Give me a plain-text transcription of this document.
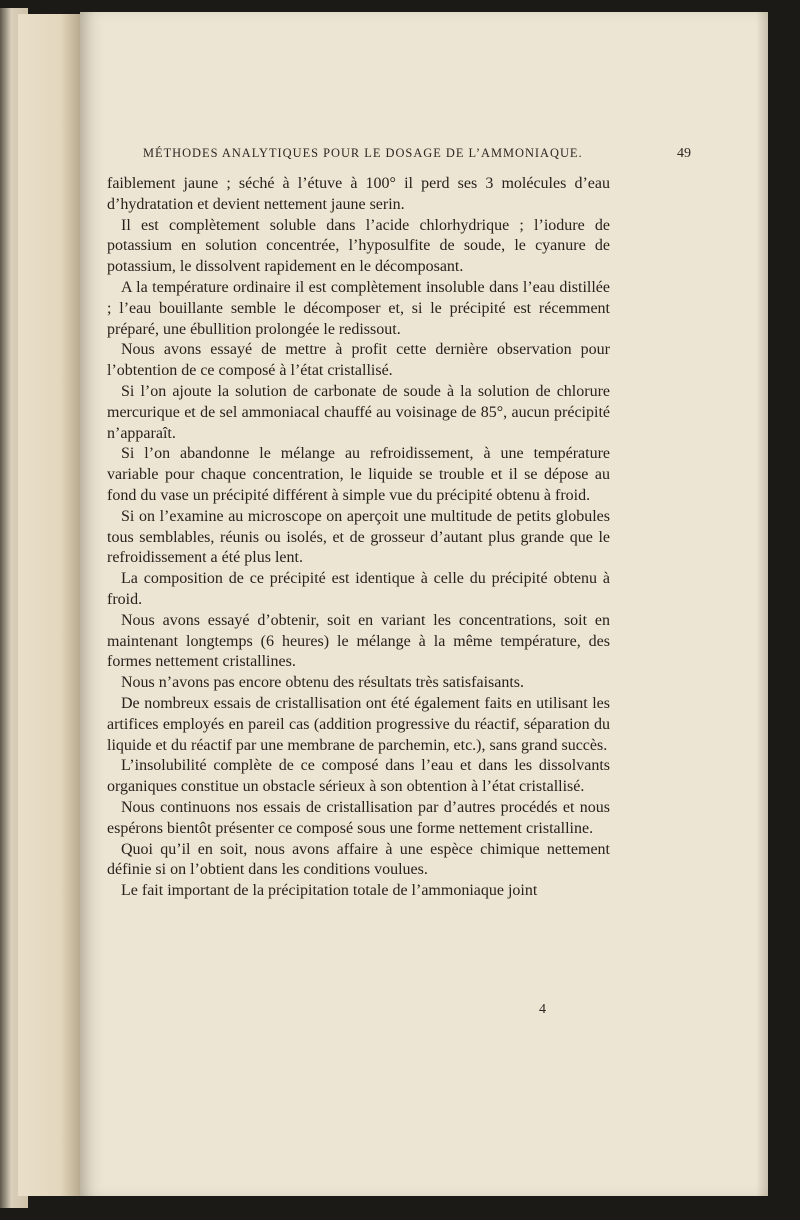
MÉTHODES ANALYTIQUES POUR LE DOSAGE DE L’AMMONIAQUE.	49

faiblement jaune ; séché à l’étuve à 100° il perd ses 3 molécules d’eau d’hydratation et devient nettement jaune serin.

Il est complètement soluble dans l’acide chlorhydrique ; l’iodure de potassium en solution concentrée, l’hyposulfite de soude, le cyanure de potassium, le dissolvent rapidement en le décomposant.

A la température ordinaire il est complètement insoluble dans l’eau distillée ; l’eau bouillante semble le décomposer et, si le précipité est récemment préparé, une ébullition prolongée le redissout.

Nous avons essayé de mettre à profit cette dernière observation pour l’obtention de ce composé à l’état cristallisé.

Si l’on ajoute la solution de carbonate de soude à la solution de chlorure mercurique et de sel ammoniacal chauffé au voisinage de 85°, aucun précipité n’apparaît.

Si l’on abandonne le mélange au refroidissement, à une température variable pour chaque concentration, le liquide se trouble et il se dépose au fond du vase un précipité différent à simple vue du précipité obtenu à froid.

Si on l’examine au microscope on aperçoit une multitude de petits globules tous semblables, réunis ou isolés, et de grosseur d’autant plus grande que le refroidissement a été plus lent.

La composition de ce précipité est identique à celle du précipité obtenu à froid.

Nous avons essayé d’obtenir, soit en variant les concentrations, soit en maintenant longtemps (6 heures) le mélange à la même température, des formes nettement cristallines.

Nous n’avons pas encore obtenu des résultats très satisfaisants.

De nombreux essais de cristallisation ont été également faits en utilisant les artifices employés en pareil cas (addition progressive du réactif, séparation du liquide et du réactif par une membrane de parchemin, etc.), sans grand succès.

L’insolubilité complète de ce composé dans l’eau et dans les dissolvants organiques constitue un obstacle sérieux à son obtention à l’état cristallisé.

Nous continuons nos essais de cristallisation par d’autres procédés et nous espérons bientôt présenter ce composé sous une forme nettement cristalline.

Quoi qu’il en soit, nous avons affaire à une espèce chimique nettement définie si on l’obtient dans les conditions voulues.

Le fait important de la précipitation totale de l’ammoniaque joint

4
